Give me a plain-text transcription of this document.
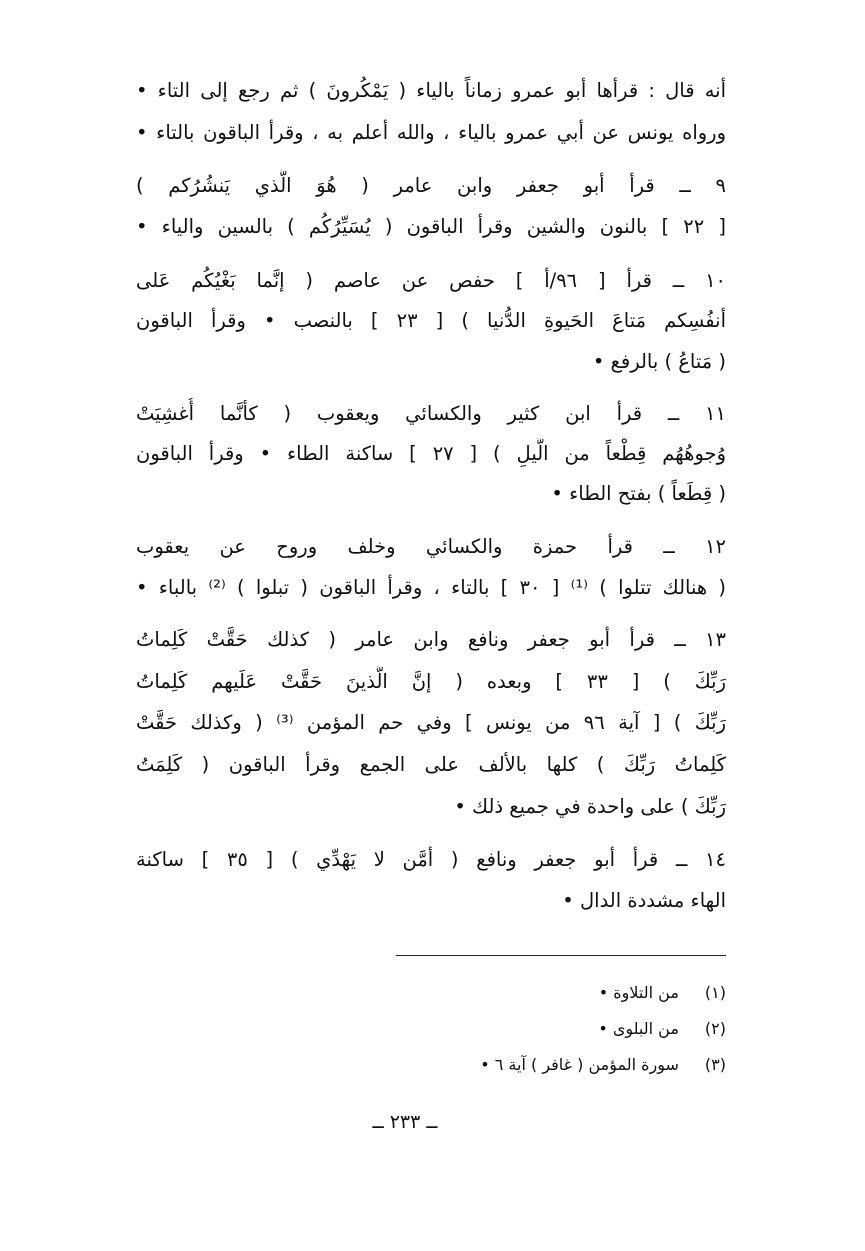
أنه قال : قرأها أبو عمرو زماناً بالياء ( يَمْكُرونَ ) ثم رجع إلى التاء •
ورواه يونس عن أبي عمرو بالياء ، والله أعلم به ، وقرأ الباقون بالتاء •
٩ ــ قرأ أبو جعفر وابن عامر ( هُوَ الَّذي يَنشُرُكم )
[ ٢٢ ] بالنون والشين وقرأ الباقون ( يُسَيِّرُكُم ) بالسين والياء •
١٠ ــ قرأ [ ٩٦/أ ] حفص عن عاصم ( إنَّما بَغْيُكُم عَلى
أنفُسِكم مَتاعَ الحَيوةِ الدُّنيا ) [ ٢٣ ] بالنصب • وقرأ الباقون
( مَتاعُ ) بالرفع •
١١ ــ قرأ ابن كثير والكسائي ويعقوب ( كأنَّما أُغشِيَتْ
وُجوهُهُم قِطْعاً من الَّيلِ ) [ ٢٧ ] ساكنة الطاء • وقرأ الباقون
( قِطَعاً ) بفتح الطاء •
١٢ ــ قرأ حمزة والكسائي وخلف وروح عن يعقوب
( هنالك تتلوا ) ⁽¹⁾ [ ٣٠ ] بالتاء ، وقرأ الباقون ( تبلوا ) ⁽²⁾ بالباء •
١٣ ــ قرأ أبو جعفر ونافع وابن عامر ( كذلك حَقَّتْ كَلِماتُ
رَبِّكَ ) [ ٣٣ ] وبعده ( إنَّ الَّذينَ حَقَّتْ عَلَيهم كَلِماتُ
رَبِّكَ ) [ آية ٩٦ من يونس ] وفي حم المؤمن ⁽³⁾ ( وكذلك حَقَّتْ
كَلِماتُ رَبِّكَ ) كلها بالألف على الجمع وقرأ الباقون ( كَلِمَتُ
رَبِّكَ ) على واحدة في جميع ذلك •
١٤ ــ قرأ أبو جعفر ونافع ( أمَّن لا يَهْدِّي ) [ ٣٥ ] ساكنة
الهاء مشددة الدال •
(١) من التلاوة •
(٢) من البلوى •
(٣) سورة المؤمن ( غافر ) آية ٦ •
ــ ٢٣٣ ــ
